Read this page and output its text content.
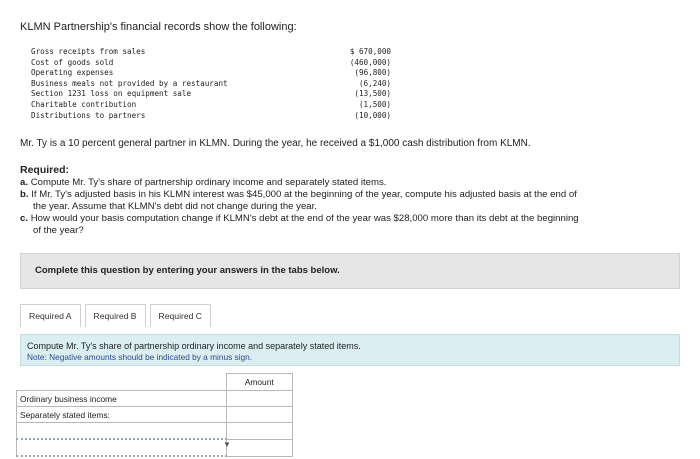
KLMN Partnership's financial records show the following:
Gross receipts from sales	$ 670,000
Cost of goods sold	(460,000)
Operating expenses	(96,800)
Business meals not provided by a restaurant	(6,240)
Section 1231 loss on equipment sale	(13,500)
Charitable contribution	(1,500)
Distributions to partners	(10,000)
Mr. Ty is a 10 percent general partner in KLMN. During the year, he received a $1,000 cash distribution from KLMN.
Required:
a. Compute Mr. Ty's share of partnership ordinary income and separately stated items.
b. If Mr. Ty's adjusted basis in his KLMN interest was $45,000 at the beginning of the year, compute his adjusted basis at the end of
the year. Assume that KLMN's debt did not change during the year.
c. How would your basis computation change if KLMN's debt at the end of the year was $28,000 more than its debt at the beginning
of the year?
Complete this question by entering your answers in the tabs below.
Required A	Required B	Required C
Compute Mr. Ty's share of partnership ordinary income and separately stated items.
Note: Negative amounts should be indicated by a minus sign.
	Amount
Ordinary business income	
Separately stated items:	

▼
